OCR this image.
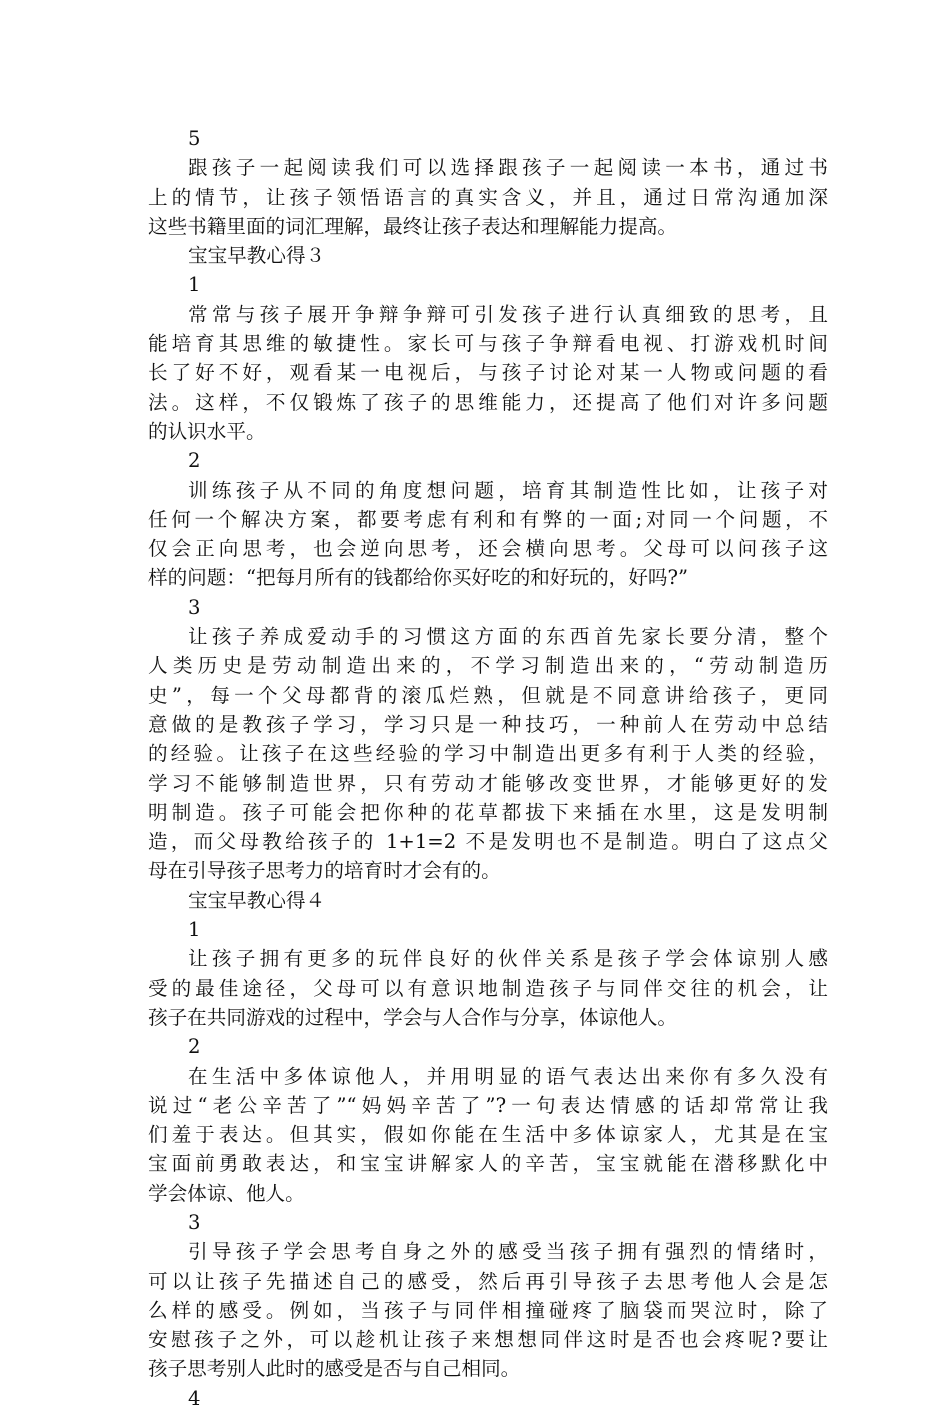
5
跟孩子一起阅读我们可以选择跟孩子一起阅读一本书，通过书
上的情节，让孩子领悟语言的真实含义，并且，通过日常沟通加深
这些书籍里面的词汇理解，最终让孩子表达和理解能力提高。
宝宝早教心得３
1
常常与孩子展开争辩争辩可引发孩子进行认真细致的思考，且
能培育其思维的敏捷性。家长可与孩子争辩看电视、打游戏机时间
长了好不好，观看某一电视后，与孩子讨论对某一人物或问题的看
法。这样，不仅锻炼了孩子的思维能力，还提高了他们对许多问题
的认识水平。
2
训练孩子从不同的角度想问题，培育其制造性比如，让孩子对
任何一个解决方案，都要考虑有利和有弊的一面;对同一个问题，不
仅会正向思考，也会逆向思考，还会横向思考。父母可以问孩子这
样的问题：“把每月所有的钱都给你买好吃的和好玩的，好吗?”
3
让孩子养成爱动手的习惯这方面的东西首先家长要分清，整个
人类历史是劳动制造出来的，不学习制造出来的，“劳动制造历
史”，每一个父母都背的滚瓜烂熟，但就是不同意讲给孩子，更同
意做的是教孩子学习，学习只是一种技巧，一种前人在劳动中总结
的经验。让孩子在这些经验的学习中制造出更多有利于人类的经验，
学习不能够制造世界，只有劳动才能够改变世界，才能够更好的发
明制造。孩子可能会把你种的花草都拔下来插在水里，这是发明制
造，而父母教给孩子的 1+1=2 不是发明也不是制造。明白了这点父
母在引导孩子思考力的培育时才会有的。
宝宝早教心得４
1
让孩子拥有更多的玩伴良好的伙伴关系是孩子学会体谅别人感
受的最佳途径，父母可以有意识地制造孩子与同伴交往的机会，让
孩子在共同游戏的过程中，学会与人合作与分享，体谅他人。
2
在生活中多体谅他人，并用明显的语气表达出来你有多久没有
说过“老公辛苦了”“妈妈辛苦了”?一句表达情感的话却常常让我
们羞于表达。但其实，假如你能在生活中多体谅家人，尤其是在宝
宝面前勇敢表达，和宝宝讲解家人的辛苦，宝宝就能在潜移默化中
学会体谅、他人。
3
引导孩子学会思考自身之外的感受当孩子拥有强烈的情绪时，
可以让孩子先描述自己的感受，然后再引导孩子去思考他人会是怎
么样的感受。例如，当孩子与同伴相撞碰疼了脑袋而哭泣时，除了
安慰孩子之外，可以趁机让孩子来想想同伴这时是否也会疼呢?要让
孩子思考别人此时的感受是否与自己相同。
4
